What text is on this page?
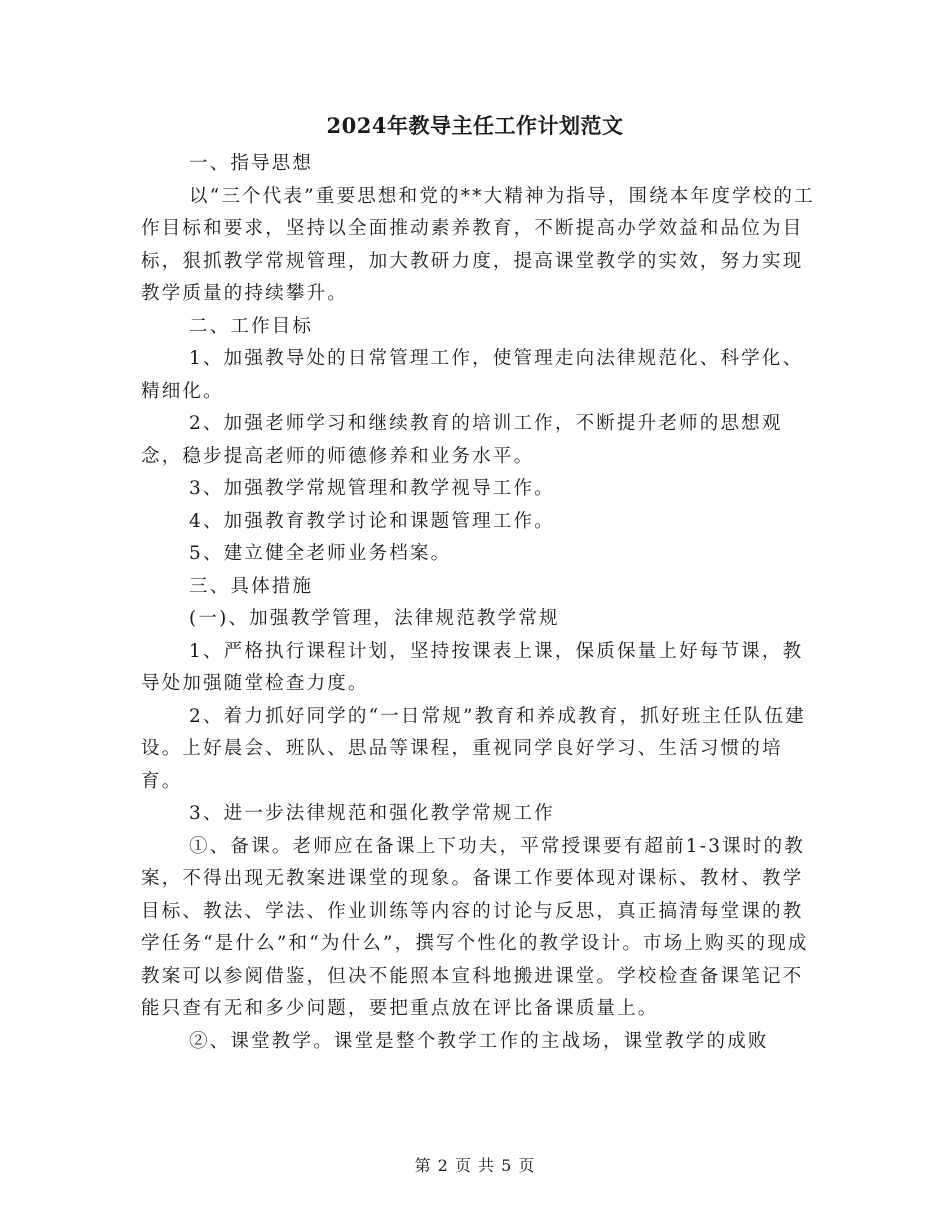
2024年教导主任工作计划范文

一、指导思想

以“三个代表”重要思想和党的**大精神为指导，围绕本年度学校的工作目标和要求，坚持以全面推动素养教育，不断提高办学效益和品位为目标，狠抓教学常规管理，加大教研力度，提高课堂教学的实效，努力实现教学质量的持续攀升。

二、工作目标

1、加强教导处的日常管理工作，使管理走向法律规范化、科学化、精细化。

2、加强老师学习和继续教育的培训工作，不断提升老师的思想观念，稳步提高老师的师德修养和业务水平。

3、加强教学常规管理和教学视导工作。

4、加强教育教学讨论和课题管理工作。

5、建立健全老师业务档案。

三、具体措施

(一)、加强教学管理，法律规范教学常规

1、严格执行课程计划，坚持按课表上课，保质保量上好每节课，教导处加强随堂检查力度。

2、着力抓好同学的“一日常规”教育和养成教育，抓好班主任队伍建设。上好晨会、班队、思品等课程，重视同学良好学习、生活习惯的培育。

3、进一步法律规范和强化教学常规工作

①、备课。老师应在备课上下功夫，平常授课要有超前1-3课时的教案，不得出现无教案进课堂的现象。备课工作要体现对课标、教材、教学目标、教法、学法、作业训练等内容的讨论与反思，真正搞清每堂课的教学任务“是什么”和“为什么”，撰写个性化的教学设计。市场上购买的现成教案可以参阅借鉴，但决不能照本宣科地搬进课堂。学校检查备课笔记不能只查有无和多少问题，要把重点放在评比备课质量上。

②、课堂教学。课堂是整个教学工作的主战场，课堂教学的成败

第 2 页 共 5 页
